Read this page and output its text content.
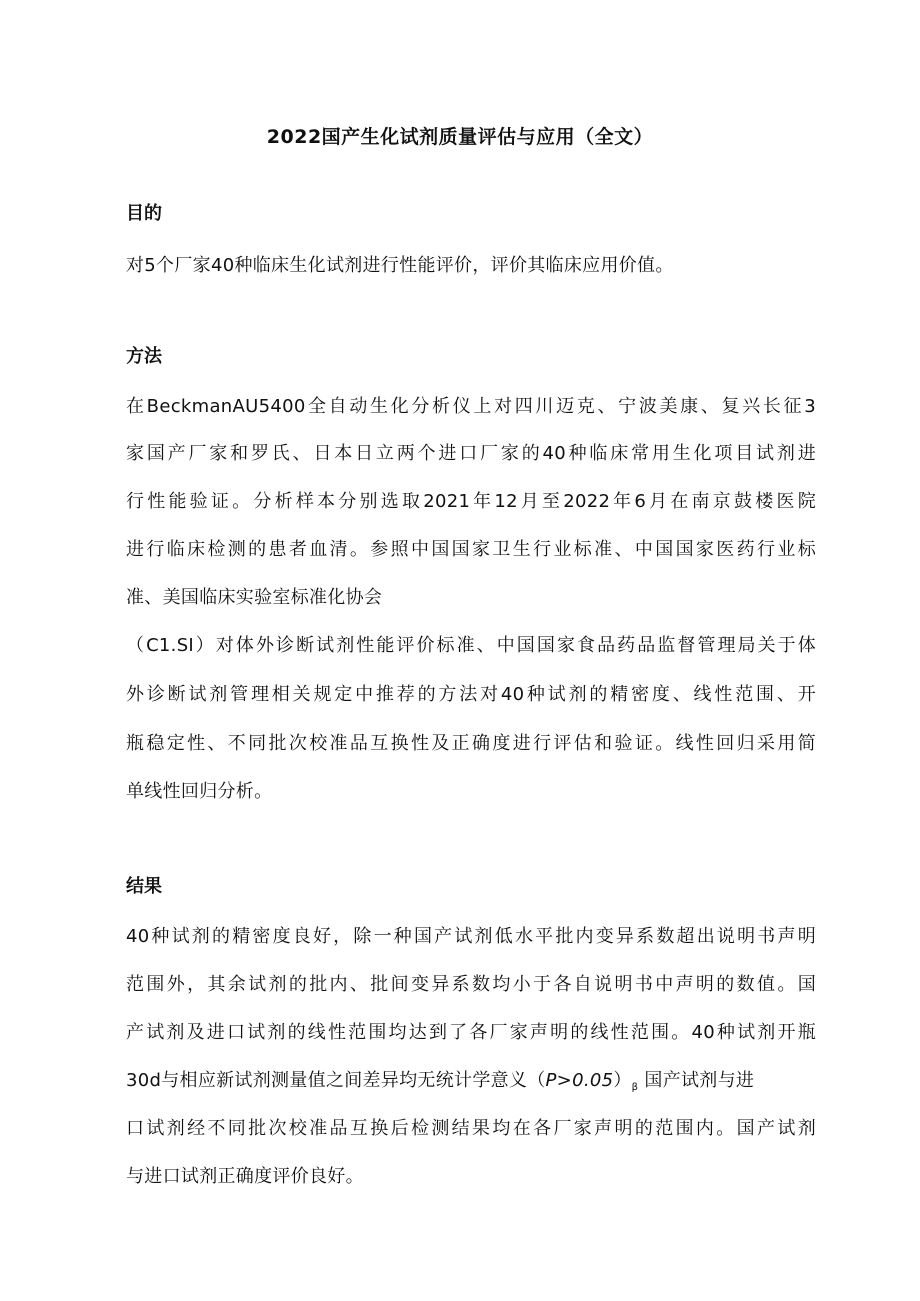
2022国产生化试剂质量评估与应用（全文）
目的
对5个厂家40种临床生化试剂进行性能评价，评价其临床应用价值。
方法
在BeckmanAU5400全自动生化分析仪上对四川迈克、宁波美康、复兴长征3
家国产厂家和罗氏、日本日立两个进口厂家的40种临床常用生化项目试剂进
行性能验证。分析样本分别选取2021年12月至2022年6月在南京鼓楼医院
进行临床检测的患者血清。参照中国国家卫生行业标准、中国国家医药行业标
准、美国临床实验室标准化协会
（C1.SI）对体外诊断试剂性能评价标准、中国国家食品药品监督管理局关于体
外诊断试剂管理相关规定中推荐的方法对40种试剂的精密度、线性范围、开
瓶稳定性、不同批次校准品互换性及正确度进行评估和验证。线性回归采用简
单线性回归分析。
结果
40种试剂的精密度良好，除一种国产试剂低水平批内变异系数超出说明书声明
范围外，其余试剂的批内、批间变异系数均小于各自说明书中声明的数值。国
产试剂及进口试剂的线性范围均达到了各厂家声明的线性范围。40种试剂开瓶
30d与相应新试剂测量值之间差异均无统计学意义$(P>0.05)_\beta$ 国产试剂与进
口试剂经不同批次校准品互换后检测结果均在各厂家声明的范围内。国产试剂
与进口试剂正确度评价良好。
